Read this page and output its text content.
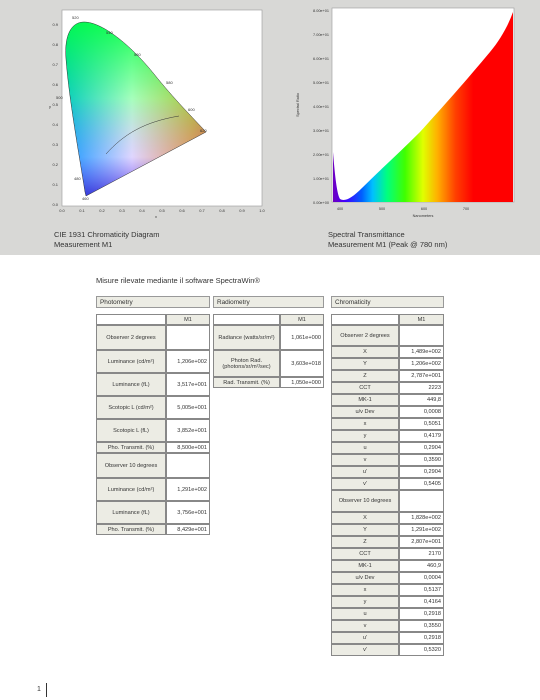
0.0	0.1	0.2	0.3	0.4	0.5	0.6	0.7	0.8	0.9	1.0
x
0.9
0.8
0.7
0.6
0.5
0.4
0.3
0.2
0.1
0.0
y
520
540
560
580
600
620
500
480
460
CIE 1931 Chromaticity Diagram
Measurement M1
8.00e+01
7.00e+01
6.00e+01
5.00e+01
4.00e+01
3.00e+01
2.00e+01
1.00e+01
0.00e+00
400	500	600	700
Nanometers
Spectral Ratio
Spectral Transmittance
Measurement M1 (Peak @ 780 nm)
Misure rilevate mediante il software SpectraWin®
Photometry
	M1
Observer 2 degrees	
Luminance (cd/m²)	1,206e+002
Luminance (fL)	3,517e+001
Scotopic L (cd/m²)	5,005e+001
Scotopic L (fL)	3,852e+001
Pho. Transmit. (%)	8,500e+001
Observer 10 degrees	
Luminance (cd/m²)	1,291e+002
Luminance (fL)	3,756e+001
Pho. Transmit. (%)	8,429e+001
Radiometry
	M1
Radiance (watts/sr/m²)	1,061e+000
Photon Rad. (photons/sr/m²/sec)	3,603e+018
Rad. Transmit. (%)	1,050e+000
Chromaticity
	M1
Observer 2 degrees	
X	1,489e+002
Y	1,206e+002
Z	2,787e+001
CCT	2223
MK-1	449,8
u/v Dev	0,0008
x	0,5051
y	0,4179
u	0,2904
v	0,3590
u'	0,2904
v'	0,5405
Observer 10 degrees	
X	1,828e+002
Y	1,291e+002
Z	2,807e+001
CCT	2170
MK-1	460,9
u/v Dev	0,0004
x	0,5137
y	0,4164
u	0,2918
v	0,3550
u'	0,2918
v'	0,5320
1
